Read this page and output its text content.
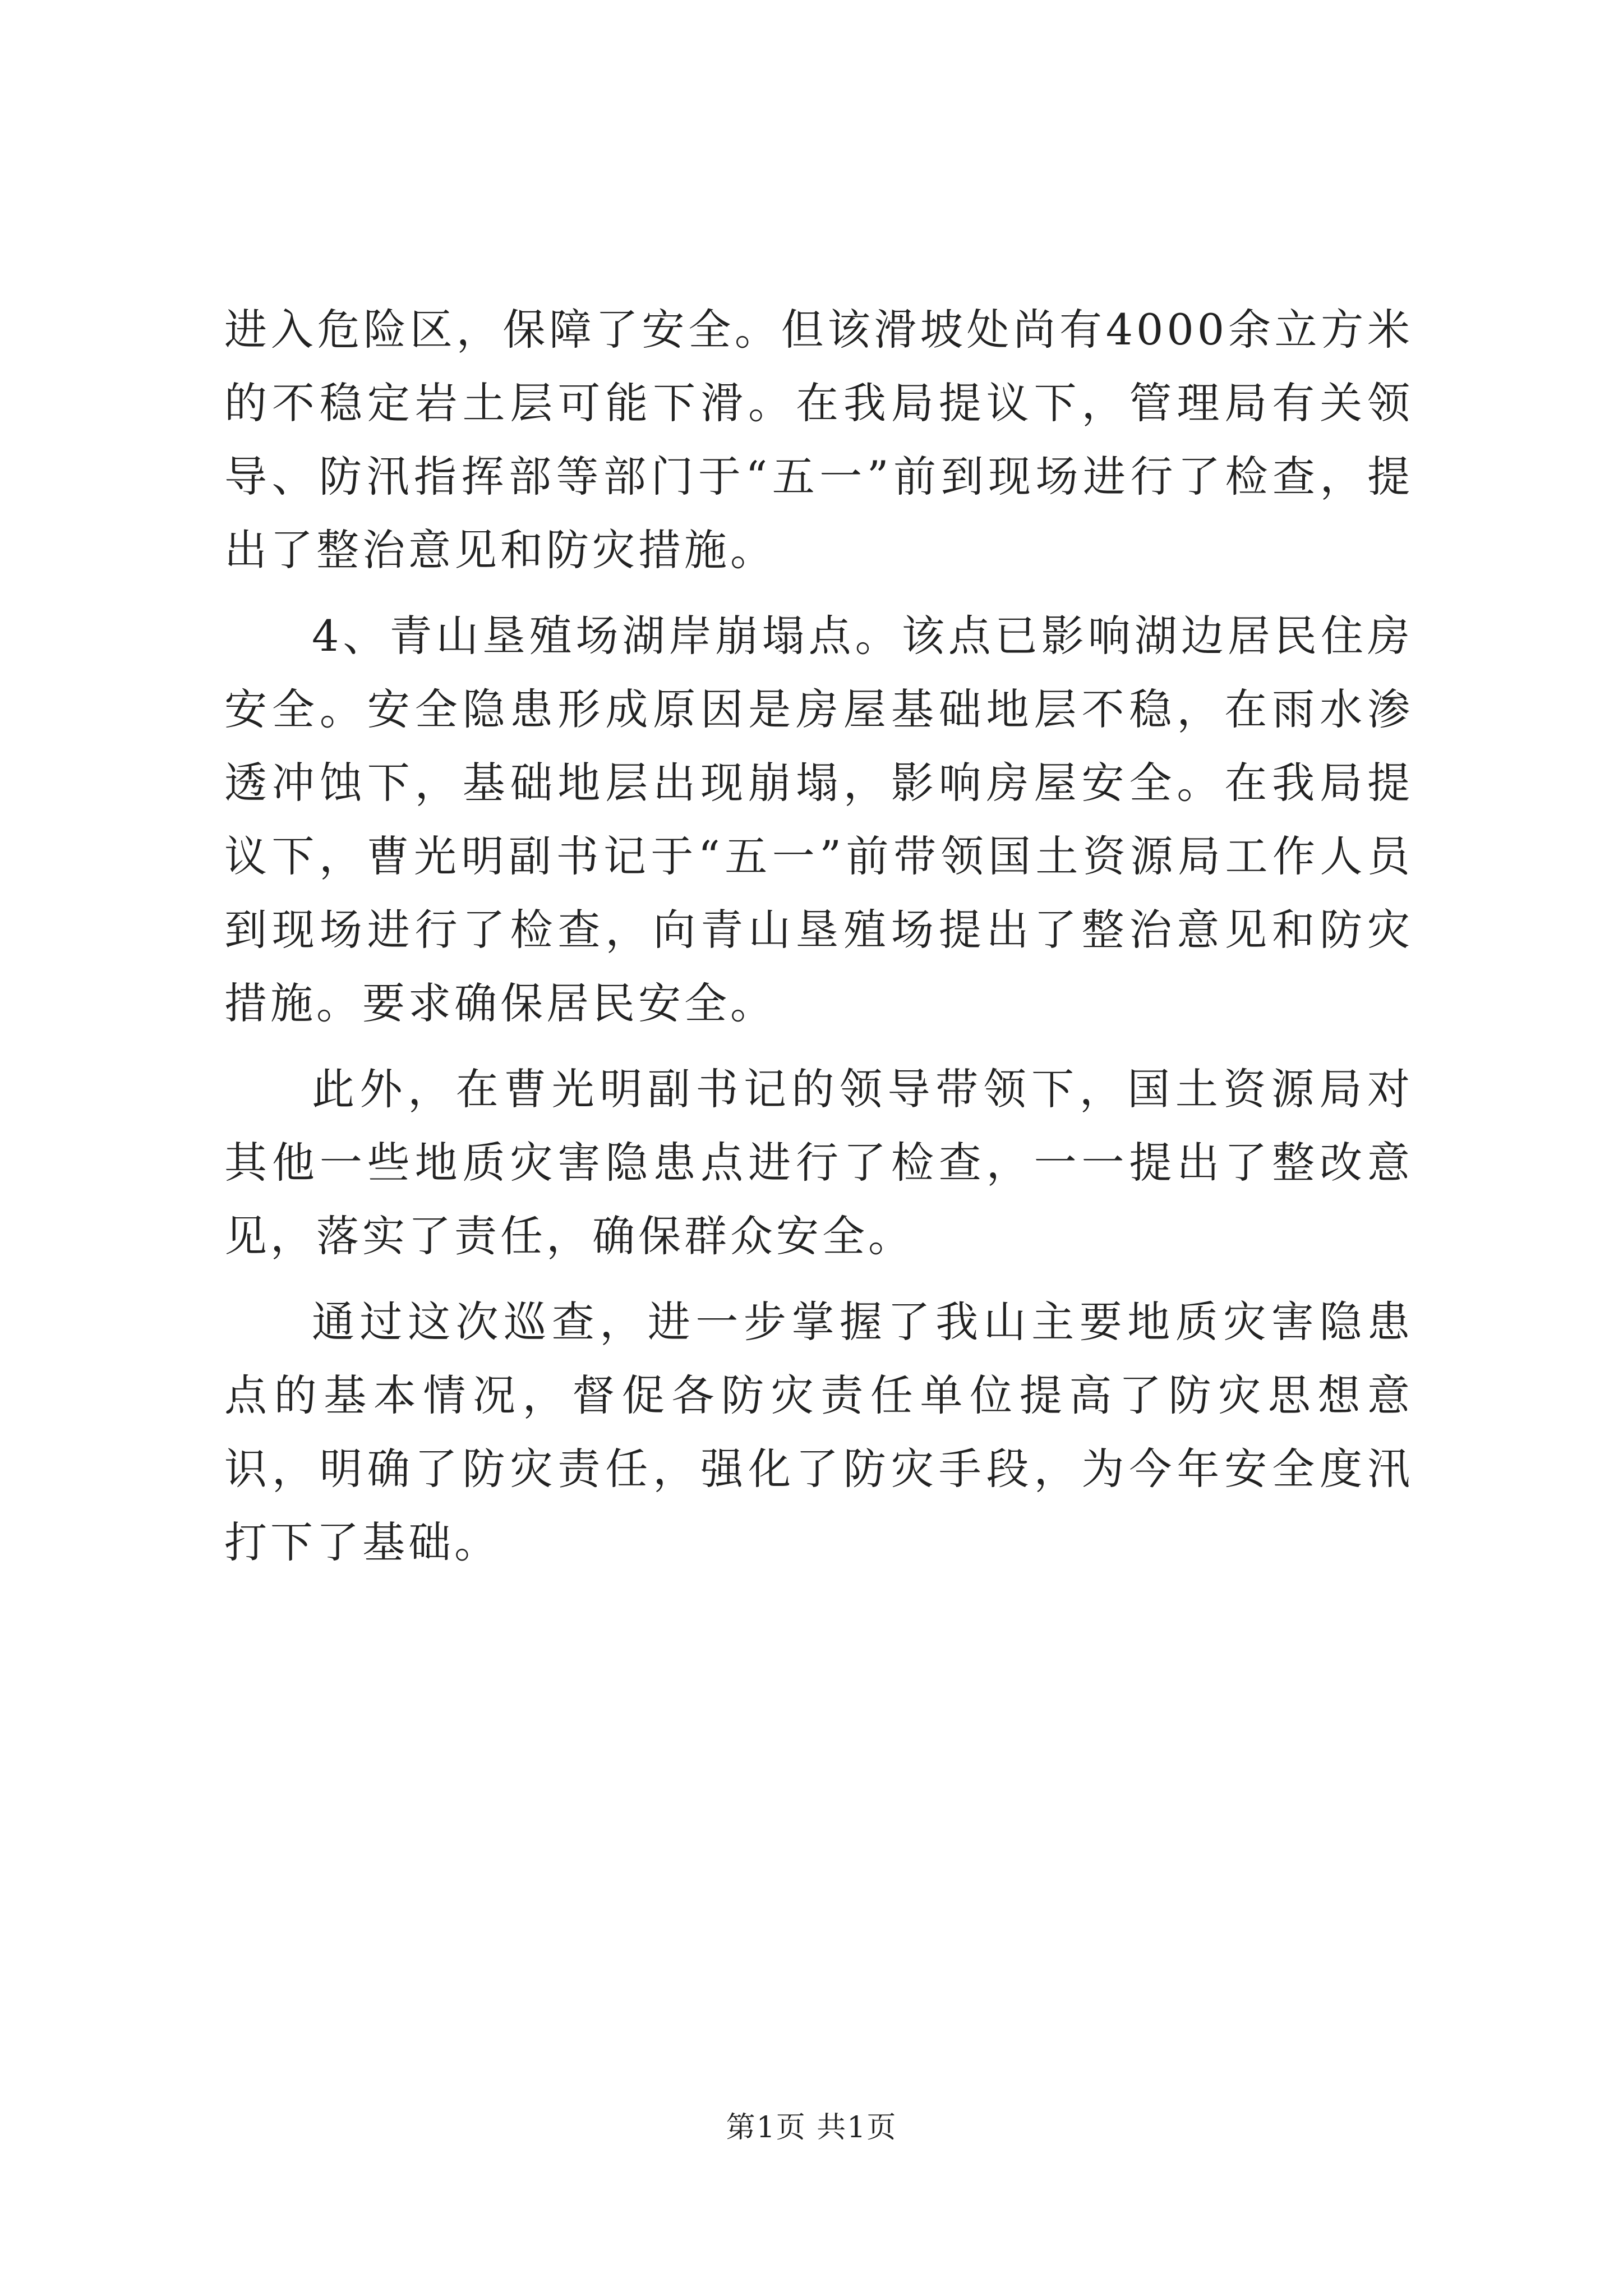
进入危险区，保障了安全。但该滑坡处尚有4000余立方米的不稳定岩土层可能下滑。在我局提议下，管理局有关领导、防汛指挥部等部门于“五一”前到现场进行了检查，提出了整治意见和防灾措施。

4、青山垦殖场湖岸崩塌点。该点已影响湖边居民住房安全。安全隐患形成原因是房屋基础地层不稳，在雨水渗透冲蚀下，基础地层出现崩塌，影响房屋安全。在我局提议下，曹光明副书记于“五一”前带领国土资源局工作人员到现场进行了检查，向青山垦殖场提出了整治意见和防灾措施。要求确保居民安全。

此外，在曹光明副书记的领导带领下，国土资源局对其他一些地质灾害隐患点进行了检查，一一提出了整改意见，落实了责任，确保群众安全。

通过这次巡查，进一步掌握了我山主要地质灾害隐患点的基本情况，督促各防灾责任单位提高了防灾思想意识，明确了防灾责任，强化了防灾手段，为今年安全度汛打下了基础。

第1页 共1页
